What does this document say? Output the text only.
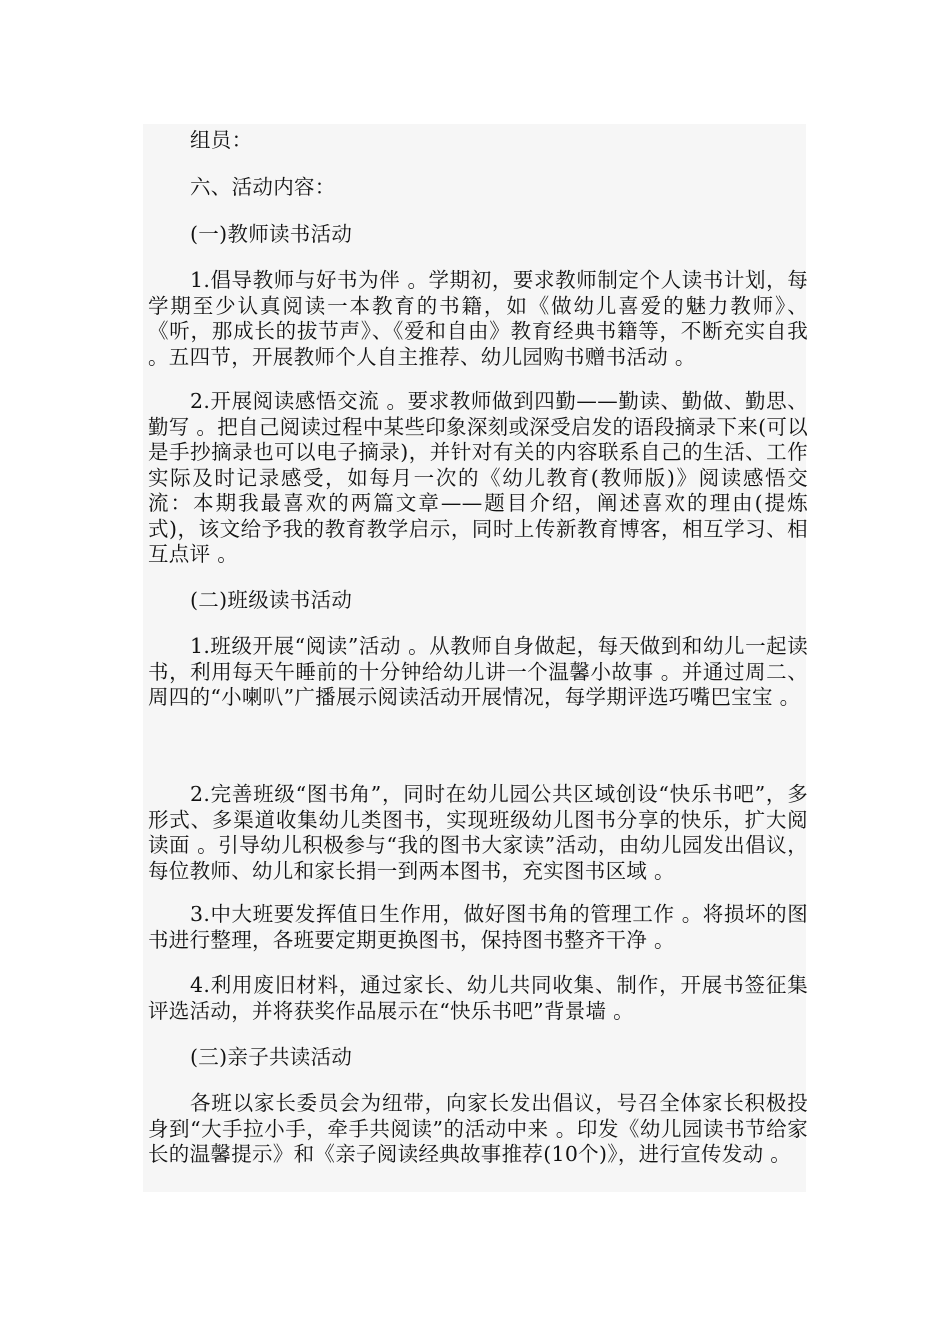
组员：

六、活动内容：

(一)教师读书活动

1.倡导教师与好书为伴 。学期初，要求教师制定个人读书计划，每学期至少认真阅读一本教育的书籍，如《做幼儿喜爱的魅力教师》、《听，那成长的拔节声》、《爱和自由》教育经典书籍等，不断充实自我 。五四节，开展教师个人自主推荐、幼儿园购书赠书活动 。

2.开展阅读感悟交流 。要求教师做到四勤——勤读、勤做、勤思、勤写 。把自己阅读过程中某些印象深刻或深受启发的语段摘录下来(可以是手抄摘录也可以电子摘录)，并针对有关的内容联系自己的生活、工作实际及时记录感受，如每月一次的《幼儿教育(教师版)》阅读感悟交流：本期我最喜欢的两篇文章——题目介绍，阐述喜欢的理由(提炼式)，该文给予我的教育教学启示，同时上传新教育博客，相互学习、相互点评 。

(二)班级读书活动

1.班级开展“阅读”活动 。从教师自身做起，每天做到和幼儿一起读书，利用每天午睡前的十分钟给幼儿讲一个温馨小故事 。并通过周二、周四的“小喇叭”广播展示阅读活动开展情况，每学期评选巧嘴巴宝宝 。

2.完善班级“图书角”，同时在幼儿园公共区域创设“快乐书吧”，多形式、多渠道收集幼儿类图书，实现班级幼儿图书分享的快乐，扩大阅读面 。引导幼儿积极参与“我的图书大家读”活动，由幼儿园发出倡议，每位教师、幼儿和家长捐一到两本图书，充实图书区域 。

3.中大班要发挥值日生作用，做好图书角的管理工作 。将损坏的图书进行整理，各班要定期更换图书，保持图书整齐干净 。

4.利用废旧材料，通过家长、幼儿共同收集、制作，开展书签征集评选活动，并将获奖作品展示在“快乐书吧”背景墙 。

(三)亲子共读活动

各班以家长委员会为纽带，向家长发出倡议，号召全体家长积极投身到“大手拉小手，牵手共阅读”的活动中来 。印发《幼儿园读书节给家长的温馨提示》和《亲子阅读经典故事推荐(10个)》，进行宣传发动 。
